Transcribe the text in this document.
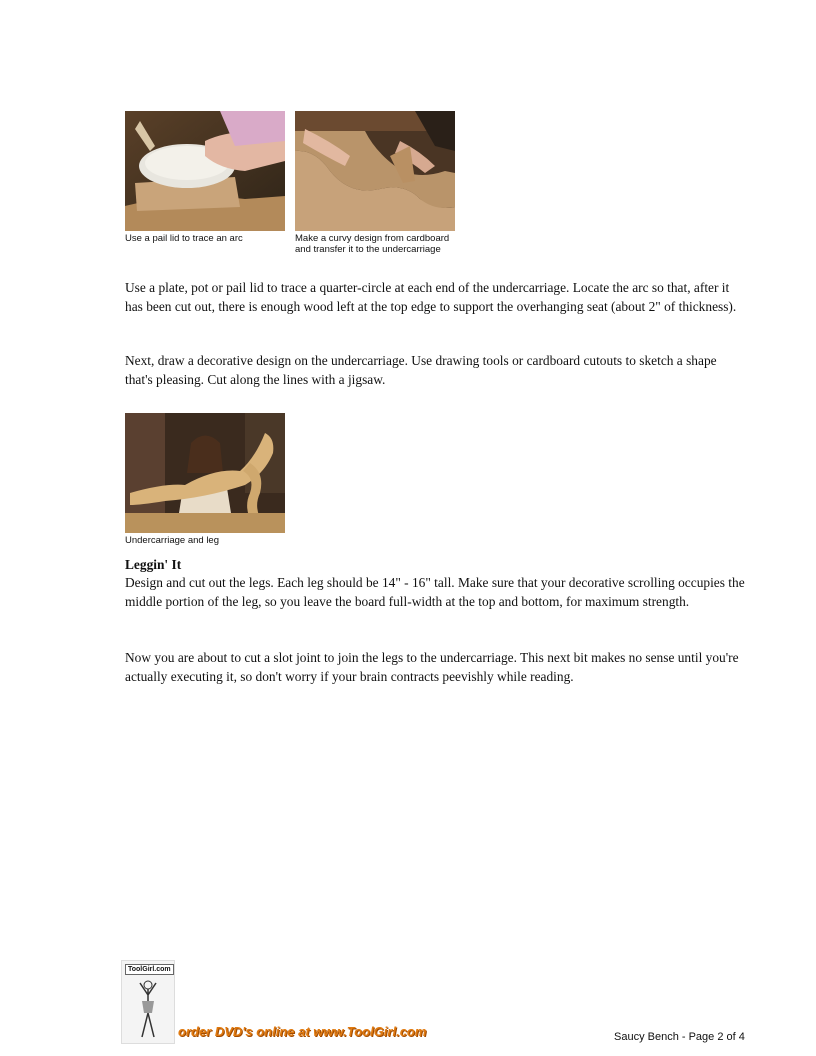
Use a pail lid to trace an arc	Make a curvy design from cardboard and transfer it to the undercarriage

Use a plate, pot or pail lid to trace a quarter-circle at each end of the undercarriage. Locate the arc so that, after it has been cut out, there is enough wood left at the top edge to support the overhanging seat (about 2" of thickness).

Next, draw a decorative design on the undercarriage. Use drawing tools or cardboard cutouts to sketch a shape that's pleasing. Cut along the lines with a jigsaw.

Undercarriage and leg

Leggin' It

Design and cut out the legs. Each leg should be 14" - 16" tall. Make sure that your decorative scrolling occupies the middle portion of the leg, so you leave the board full-width at the top and bottom, for maximum strength.

Now you are about to cut a slot joint to join the legs to the undercarriage. This next bit makes no sense until you're actually executing it, so don't worry if your brain contracts peevishly while reading.

ToolGirl.com
order DVD's online at www.ToolGirl.com	Saucy Bench - Page 2 of 4
